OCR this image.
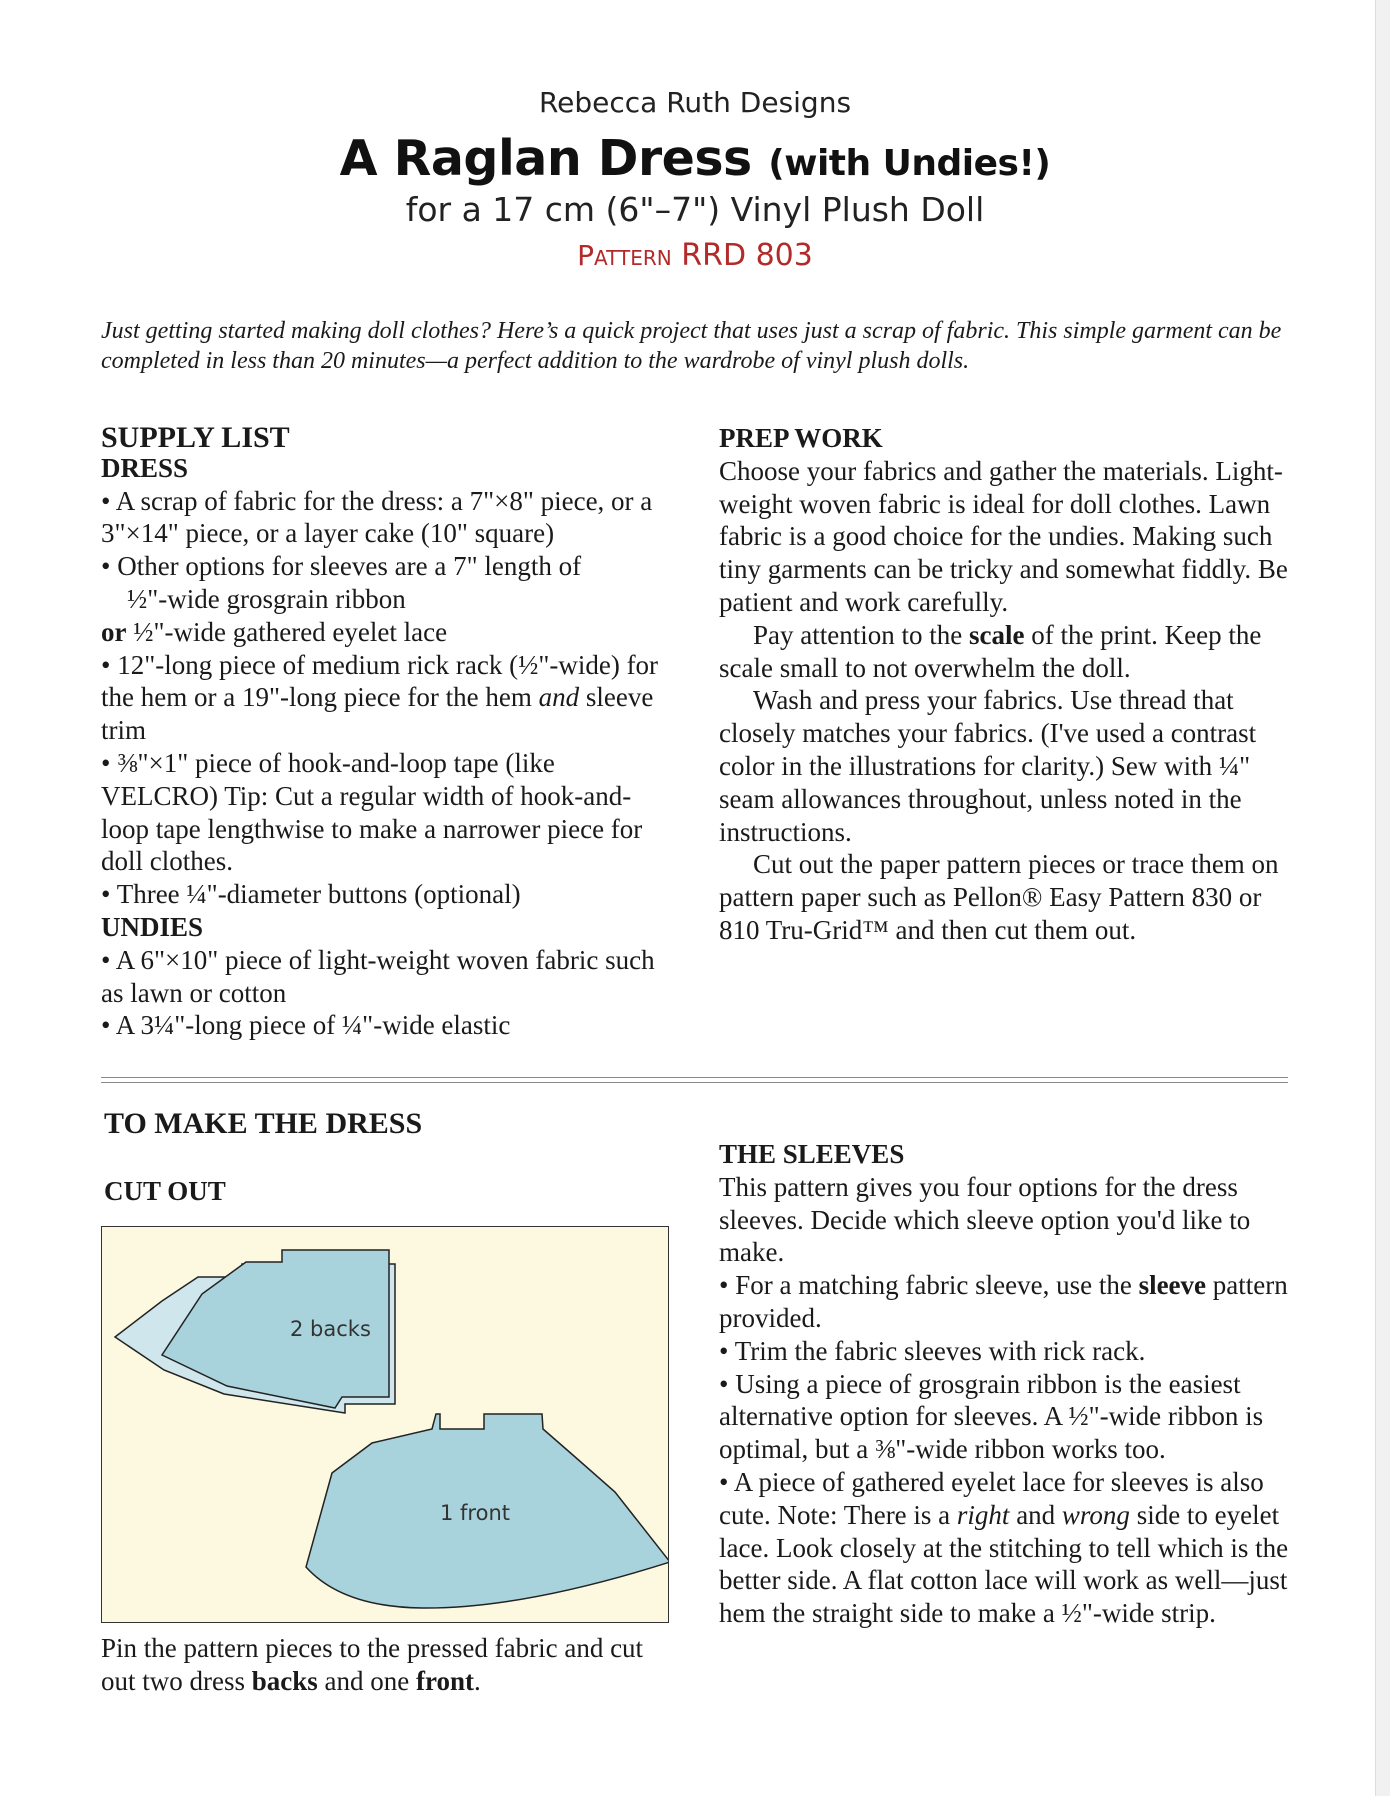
Rebecca Ruth Designs
A Raglan Dress (with Undies!)
for a 17 cm (6"–7") Vinyl Plush Doll
Pattern RRD 803
Just getting started making doll clothes? Here’s a quick project that uses just a scrap of fabric. This simple garment can be completed in less than 20 minutes—a perfect addition to the wardrobe of vinyl plush dolls.

SUPPLY LIST

DRESS

• A scrap of fabric for the dress: a 7"×8" piece, or a 3"×14" piece, or a layer cake (10" square)

• Other options for sleeves are a 7" length of

½"-wide grosgrain ribbon

or ½"-wide gathered eyelet lace

• 12"-long piece of medium rick rack (½"-wide) for the hem or a 19"-long piece for the hem and sleeve trim

• ⅜"×1" piece of hook-and-loop tape (like VELCRO) Tip: Cut a regular width of hook-and-loop tape lengthwise to make a narrower piece for doll clothes.

• Three ¼"-diameter buttons (optional)

UNDIES

• A 6"×10" piece of light-weight woven fabric such as lawn or cotton

• A 3¼"-long piece of ¼"-wide elastic

PREP WORK

Choose your fabrics and gather the materials. Light-weight woven fabric is ideal for doll clothes. Lawn fabric is a good choice for the undies. Making such tiny garments can be tricky and somewhat fiddly. Be patient and work carefully.

Pay attention to the scale of the print. Keep the scale small to not overwhelm the doll.

Wash and press your fabrics. Use thread that closely matches your fabrics. (I've used a contrast color in the illustrations for clarity.) Sew with ¼" seam allowances throughout, unless noted in the instructions.

Cut out the paper pattern pieces or trace them on pattern paper such as Pellon® Easy Pattern 830 or 810 Tru-Grid™ and then cut them out.

TO MAKE THE DRESS
CUT OUT
2 backs
1 front
Pin the pattern pieces to the pressed fabric and cut out two dress backs and one front.

THE SLEEVES

This pattern gives you four options for the dress sleeves. Decide which sleeve option you'd like to make.

• For a matching fabric sleeve, use the sleeve pattern provided.

• Trim the fabric sleeves with rick rack.

• Using a piece of grosgrain ribbon is the easiest alternative option for sleeves. A ½"-wide ribbon is optimal, but a ⅜"-wide ribbon works too.

• A piece of gathered eyelet lace for sleeves is also cute. Note: There is a right and wrong side to eyelet lace. Look closely at the stitching to tell which is the better side. A flat cotton lace will work as well—just hem the straight side to make a ½"-wide strip.
